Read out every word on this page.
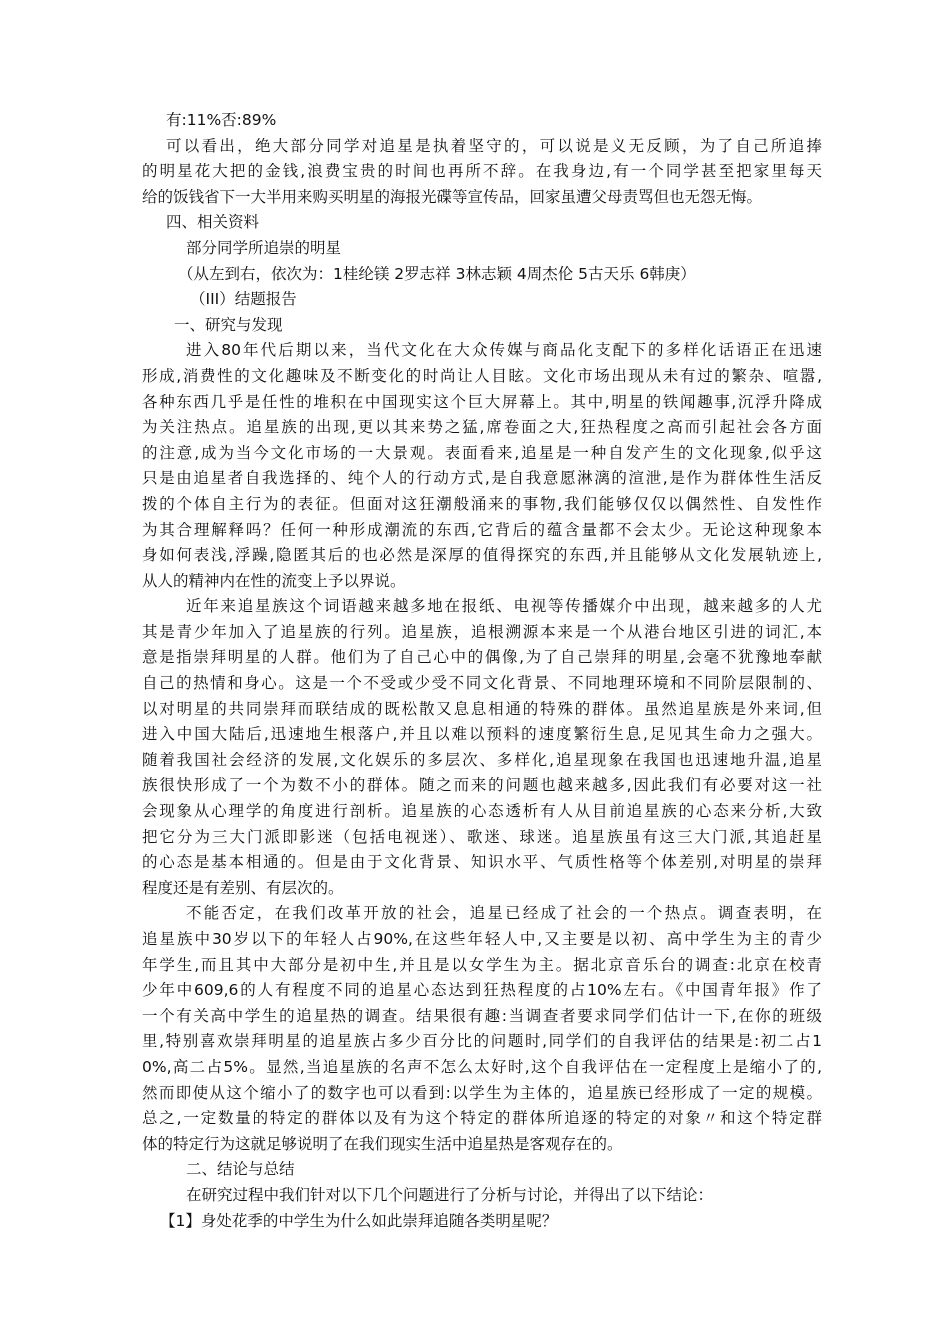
有:11%否:89%
可以看出，绝大部分同学对追星是执着坚守的，可以说是义无反顾，为了自己所追捧
的明星花大把的金钱,浪费宝贵的时间也再所不辞。在我身边,有一个同学甚至把家里每天
给的饭钱省下一大半用来购买明星的海报光碟等宣传品，回家虽遭父母责骂但也无怨无悔。
四、相关资料
部分同学所追崇的明星
（从左到右，依次为：1桂纶镁 2罗志祥 3林志颖 4周杰伦 5古天乐 6韩庚）
（III）结题报告
一、研究与发现
进入80年代后期以来，当代文化在大众传媒与商品化支配下的多样化话语正在迅速
形成,消费性的文化趣味及不断变化的时尚让人目眩。文化市场出现从未有过的繁杂、喧嚣,
各种东西几乎是任性的堆积在中国现实这个巨大屏幕上。其中,明星的铁闻趣事,沉浮升降成
为关注热点。追星族的出现,更以其来势之猛,席卷面之大,狂热程度之高而引起社会各方面
的注意,成为当今文化市场的一大景观。表面看来,追星是一种自发产生的文化现象,似乎这
只是由追星者自我选择的、纯个人的行动方式,是自我意愿淋漓的渲泄,是作为群体性生活反
拨的个体自主行为的表征。但面对这狂潮般涌来的事物,我们能够仅仅以偶然性、自发性作
为其合理解释吗？任何一种形成潮流的东西,它背后的蕴含量都不会太少。无论这种现象本
身如何表浅,浮躁,隐匿其后的也必然是深厚的值得探究的东西,并且能够从文化发展轨迹上,
从人的精神内在性的流变上予以界说。
近年来追星族这个词语越来越多地在报纸、电视等传播媒介中出现，越来越多的人尤
其是青少年加入了追星族的行列。追星族，追根溯源本来是一个从港台地区引进的词汇,本
意是指崇拜明星的人群。他们为了自己心中的偶像,为了自己崇拜的明星,会毫不犹豫地奉献
自己的热情和身心。这是一个不受或少受不同文化背景、不同地理环境和不同阶层限制的、
以对明星的共同崇拜而联结成的既松散又息息相通的特殊的群体。虽然追星族是外来词,但
进入中国大陆后,迅速地生根落户,并且以难以预料的速度繁衍生息,足见其生命力之强大。
随着我国社会经济的发展,文化娱乐的多层次、多样化,追星现象在我国也迅速地升温,追星
族很快形成了一个为数不小的群体。随之而来的问题也越来越多,因此我们有必要对这一社
会现象从心理学的角度进行剖析。追星族的心态透析有人从目前追星族的心态来分析,大致
把它分为三大门派即影迷（包括电视迷）、歌迷、球迷。追星族虽有这三大门派,其追赶星
的心态是基本相通的。但是由于文化背景、知识水平、气质性格等个体差别,对明星的崇拜
程度还是有差别、有层次的。
不能否定，在我们改革开放的社会，追星已经成了社会的一个热点。调查表明，在
追星族中30岁以下的年轻人占90%,在这些年轻人中,又主要是以初、高中学生为主的青少
年学生,而且其中大部分是初中生,并且是以女学生为主。据北京音乐台的调查:北京在校青
少年中609,6的人有程度不同的追星心态达到狂热程度的占10%左右。《中国青年报》作了
一个有关高中学生的追星热的调查。结果很有趣:当调查者要求同学们估计一下,在你的班级
里,特别喜欢崇拜明星的追星族占多少百分比的问题时,同学们的自我评估的结果是:初二占1
0%,高二占5%。显然,当追星族的名声不怎么太好时,这个自我评估在一定程度上是缩小了的,
然而即使从这个缩小了的数字也可以看到:以学生为主体的，追星族已经形成了一定的规模。
总之,一定数量的特定的群体以及有为这个特定的群体所追逐的特定的对象〃和这个特定群
体的特定行为这就足够说明了在我们现实生活中追星热是客观存在的。
二、结论与总结
在研究过程中我们针对以下几个问题进行了分析与讨论，并得出了以下结论：
【1】身处花季的中学生为什么如此崇拜追随各类明星呢？
